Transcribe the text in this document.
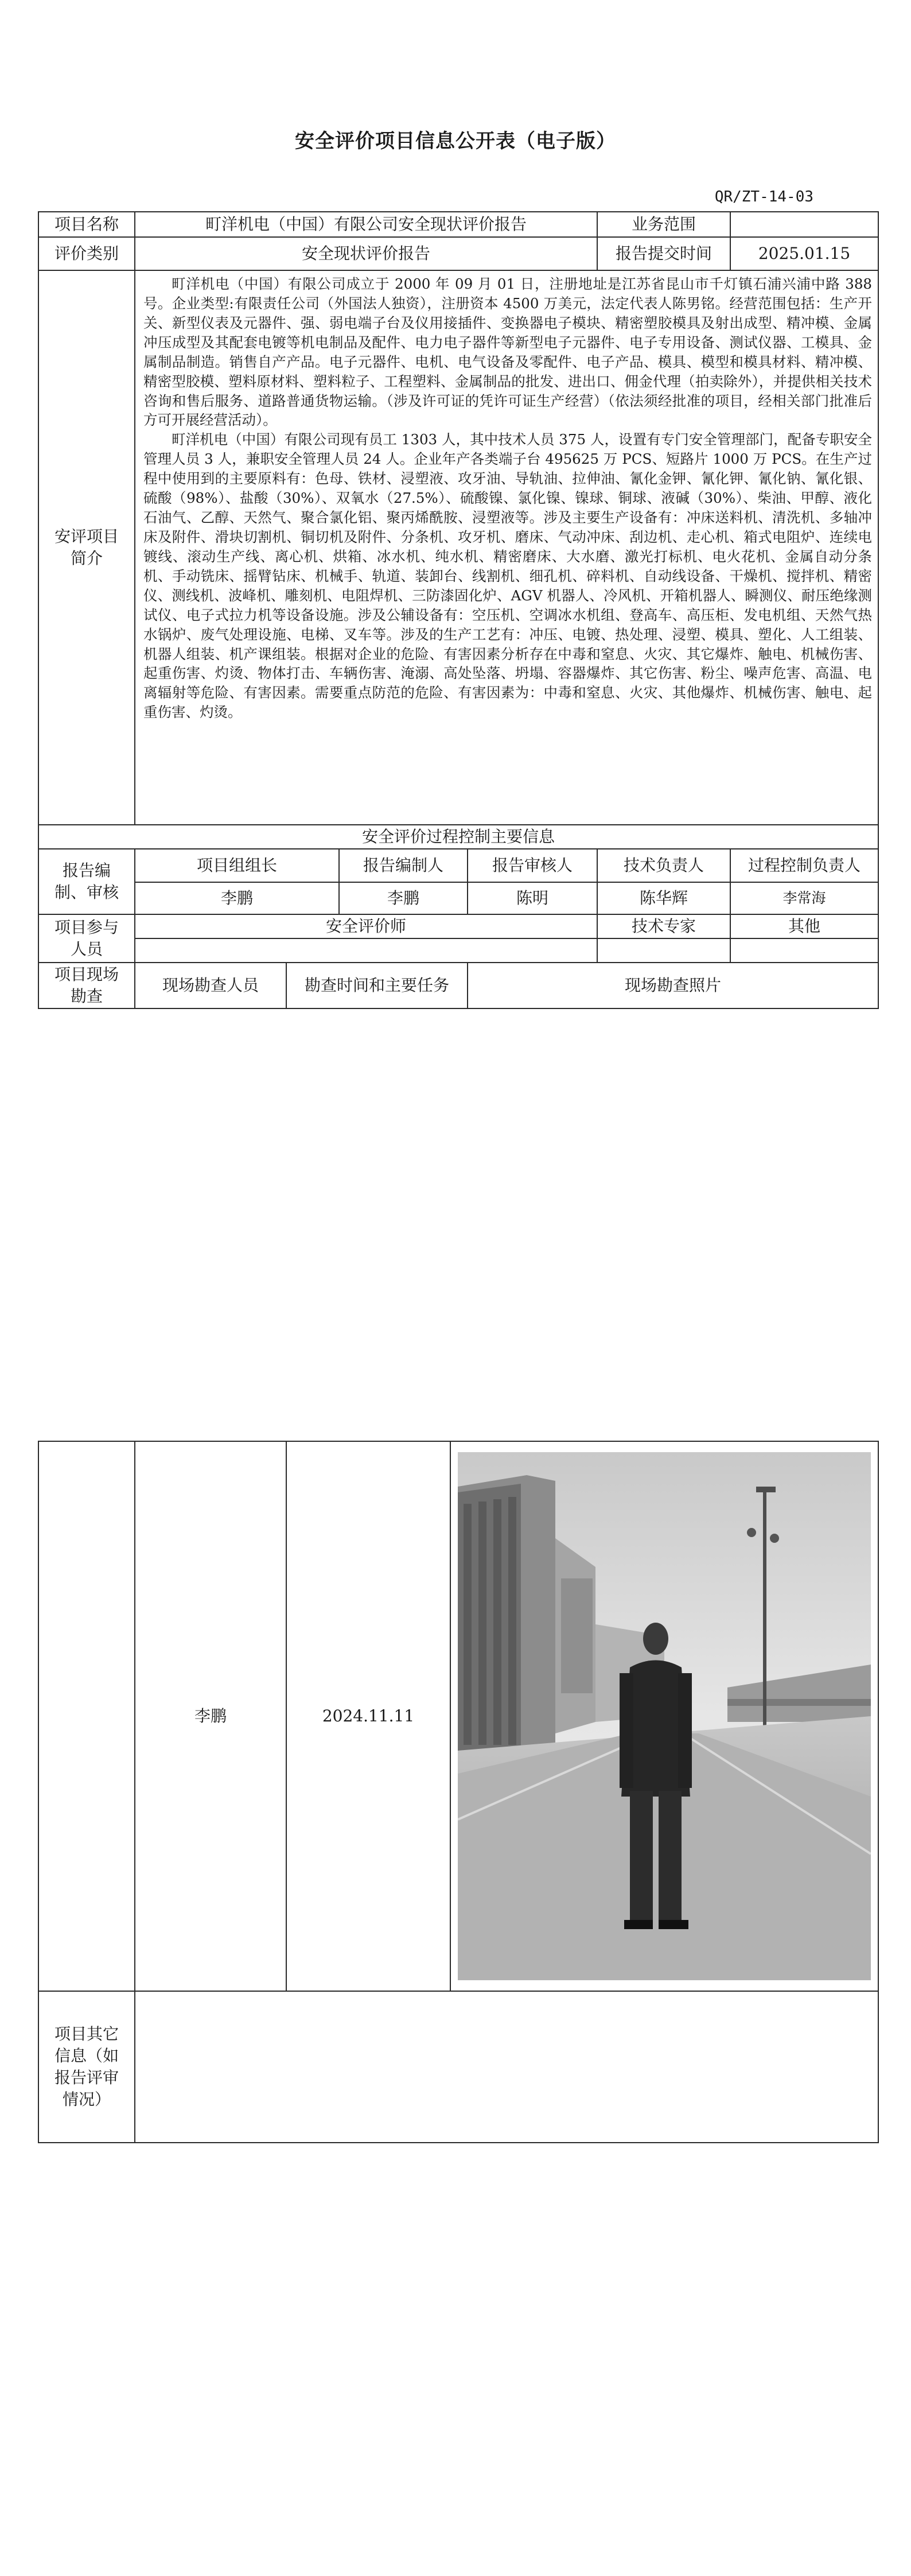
安全评价项目信息公开表（电子版）
QR/ZT-14-03
项目名称	町洋机电（中国）有限公司安全现状评价报告				业务范围	
评价类别	安全现状评价报告				报告提交时间	2025.01.15
安评项目简介	町洋机电（中国）有限公司成立于 2000 年 09 月 01 日，注册地址是江苏省昆山市千灯镇石浦兴浦中路 388 号。企业类型:有限责任公司（外国法人独资），注册资本 4500 万美元，法定代表人陈男铭。经营范围包括：生产开关、新型仪表及元器件、强、弱电端子台及仪用接插件、变换器电子模块、精密塑胶模具及射出成型、精冲模、金属冲压成型及其配套电镀等机电制品及配件、电力电子器件等新型电子元器件、电子专用设备、测试仪器、工模具、金属制品制造。销售自产产品。电子元器件、电机、电气设备及零配件、电子产品、模具、模型和模具材料、精冲模、精密型胶模、塑料原材料、塑料粒子、工程塑料、金属制品的批发、进出口、佣金代理（拍卖除外），并提供相关技术咨询和售后服务、道路普通货物运输。（涉及许可证的凭许可证生产经营）（依法须经批准的项目，经相关部门批准后方可开展经营活动）。

町洋机电（中国）有限公司现有员工 1303 人，其中技术人员 375 人，设置有专门安全管理部门，配备专职安全管理人员 3 人，兼职安全管理人员 24 人。企业年产各类端子台 495625 万 PCS、短路片 1000 万 PCS。在生产过程中使用到的主要原料有：色母、铁材、浸塑液、攻牙油、导轨油、拉伸油、氰化金钾、氰化钾、氰化钠、氰化银、硫酸（98%）、盐酸（30%）、双氧水（27.5%）、硫酸镍、氯化镍、镍球、铜球、液碱（30%）、柴油、甲醇、液化石油气、乙醇、天然气、聚合氯化铝、聚丙烯酰胺、浸塑液等。涉及主要生产设备有：冲床送料机、清洗机、多轴冲床及附件、滑块切割机、铜切机及附件、分条机、攻牙机、磨床、气动冲床、刮边机、走心机、箱式电阻炉、连续电镀线、滚动生产线、离心机、烘箱、冰水机、纯水机、精密磨床、大水磨、激光打标机、电火花机、金属自动分条机、手动铣床、摇臂钻床、机械手、轨道、装卸台、线割机、细孔机、碎料机、自动线设备、干燥机、搅拌机、精密仪、测线机、波峰机、雕刻机、电阻焊机、三防漆固化炉、AGV 机器人、冷风机、开箱机器人、瞬测仪、耐压绝缘测试仪、电子式拉力机等设备设施。涉及公辅设备有：空压机、空调冰水机组、登高车、高压柜、发电机组、天然气热水锅炉、废气处理设施、电梯、叉车等。涉及的生产工艺有：冲压、电镀、热处理、浸塑、模具、塑化、人工组装、机器人组装、机产课组装。根据对企业的危险、有害因素分析存在中毒和窒息、火灾、其它爆炸、触电、机械伤害、起重伤害、灼烫、物体打击、车辆伤害、淹溺、高处坠落、坍塌、容器爆炸、其它伤害、粉尘、噪声危害、高温、电离辐射等危险、有害因素。需要重点防范的危险、有害因素为：中毒和窒息、火灾、其他爆炸、机械伤害、触电、起重伤害、灼烫。					

安全评价过程控制主要信息						
报告编制、审核	项目组组长		报告编制人	报告审核人	技术负责人	过程控制负责人
	李鹏		李鹏	陈明	陈华辉	李常海
项目参与人员	安全评价师				技术专家	其他

项目现场勘查	现场勘查人员	勘查时间和主要任务		现场勘查照片		
	李鹏	2024.11.11	

项目其它信息（如报告评审情况）			
